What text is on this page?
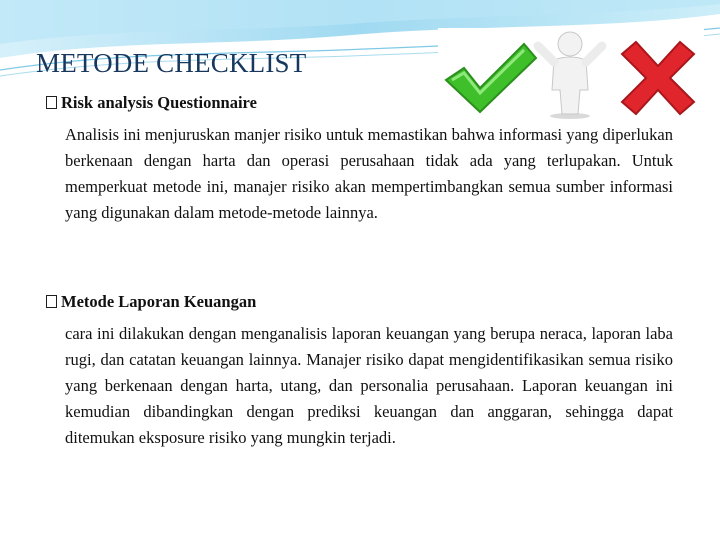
METODE CHECKLIST
Risk analysis Questionnaire

Analisis ini menjuruskan manjer risiko untuk memastikan bahwa informasi yang diperlukan berkenaan dengan harta dan operasi perusahaan tidak ada yang terlupakan. Untuk memperkuat metode ini, manajer risiko akan mempertimbangkan semua sumber informasi yang digunakan dalam metode-metode lainnya.

Metode Laporan Keuangan

cara ini dilakukan dengan menganalisis laporan keuangan yang berupa neraca, laporan laba rugi, dan catatan keuangan lainnya. Manajer risiko dapat mengidentifikasikan semua risiko yang berkenaan dengan harta, utang, dan personalia perusahaan. Laporan keuangan ini kemudian dibandingkan dengan prediksi keuangan dan anggaran, sehingga dapat ditemukan eksposure risiko yang mungkin terjadi.
